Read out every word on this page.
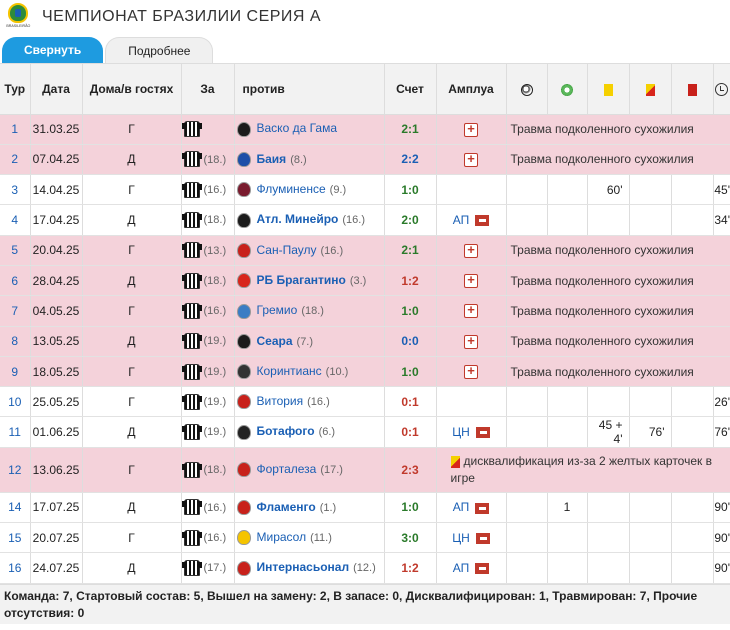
BRASILEIRÃO
ЧЕМПИОНАТ БРАЗИЛИИ СЕРИЯ А
Свернуть	Подробнее
Тур	Дата	Дома/в гостях	За	против	Счет	Амплуа						
1	31.03.25	Г		Васко да Гама	2:1	+	Травма подколенного сухожилия					
2	07.04.25	Д	(18.)	Баия (8.)	2:2	+	Травма подколенного сухожилия					
3	14.04.25	Г	(16.)	Флуминенсе (9.)	1:0				60'			45'
4	17.04.25	Д	(18.)	Атл. Минейро (16.)	2:0	АП						34'
5	20.04.25	Г	(13.)	Сан-Паулу (16.)	2:1	+	Травма подколенного сухожилия					
6	28.04.25	Д	(18.)	РБ Брагантино (3.)	1:2	+	Травма подколенного сухожилия					
7	04.05.25	Г	(16.)	Гремио (18.)	1:0	+	Травма подколенного сухожилия					
8	13.05.25	Д	(19.)	Сеара (7.)	0:0	+	Травма подколенного сухожилия					
9	18.05.25	Г	(19.)	Коринтианс (10.)	1:0	+	Травма подколенного сухожилия					
10	25.05.25	Г	(19.)	Витория (16.)	0:1							26'
11	01.06.25	Д	(19.)	Ботафого (6.)	0:1	ЦН			45 + 4'	76'		76'
12	13.06.25	Г	(18.)	Форталеза (17.)	2:3	дисквалификация из-за 2 желтых карточек в игре						
14	17.07.25	Д	(16.)	Фламенго (1.)	1:0	АП		1				90'
15	20.07.25	Г	(16.)	Мирасол (11.)	3:0	ЦН						90'
16	24.07.25	Д	(17.)	Интернасьонал (12.)	1:2	АП						90'
Команда: 7, Стартовый состав: 5, Вышел на замену: 2, В запасе: 0, Дисквалифицирован: 1, Травмирован: 7, Прочие отсутствия: 0
